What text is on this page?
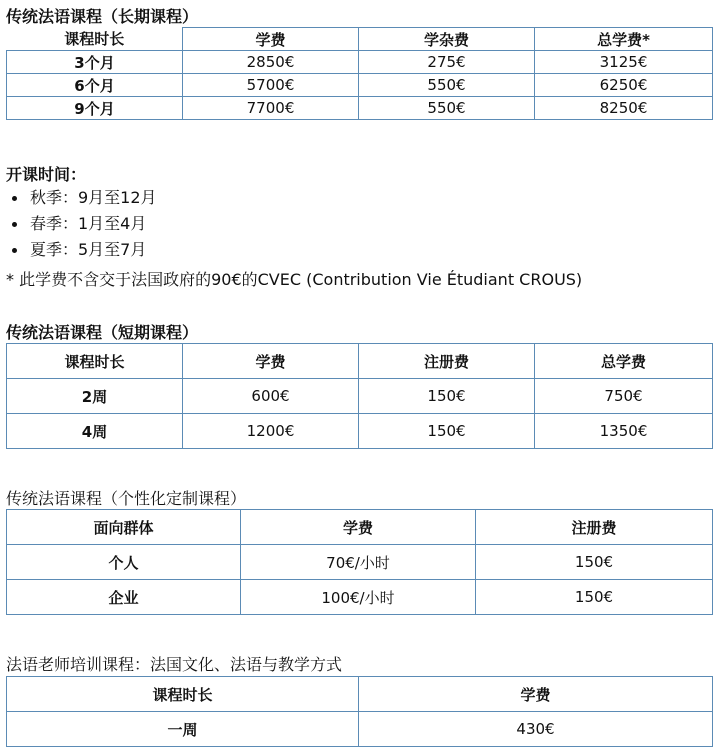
传统法语课程（长期课程）
课程时长	学费	学杂费	总学费*
3个月	2850€	275€	3125€
6个月	5700€	550€	6250€
9个月	7700€	550€	8250€
开课时间：
秋季：9月至12月
春季：1月至4月
夏季：5月至7月
* 此学费不含交于法国政府的90€的CVEC (Contribution Vie Étudiant CROUS)
传统法语课程（短期课程）
课程时长	学费	注册费	总学费
2周	600€	150€	750€
4周	1200€	150€	1350€
传统法语课程（个性化定制课程）
面向群体	学费	注册费
个人	70€/小时	150€
企业	100€/小时	150€
法语老师培训课程：法国文化、法语与教学方式
课程时长	学费
一周	430€
